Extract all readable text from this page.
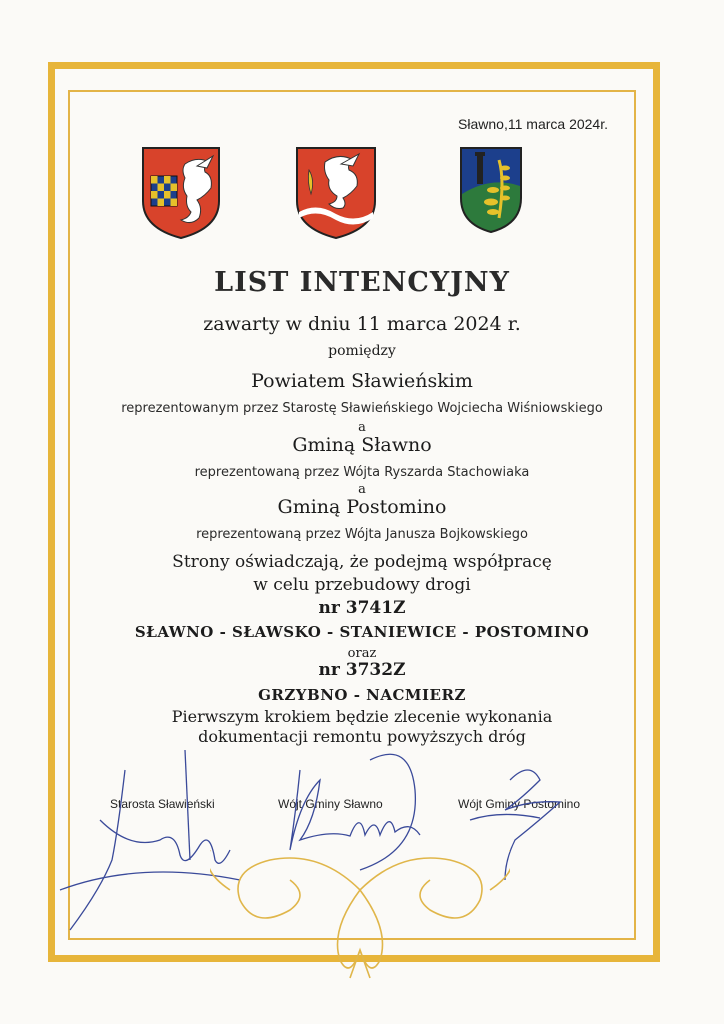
Sławno,11 marca 2024r.
LIST INTENCYJNY
zawarty w dniu 11 marca 2024 r.
pomiędzy
Powiatem Sławieńskim
reprezentowanym przez Starostę Sławieńskiego Wojciecha Wiśniowskiego
a
Gminą Sławno
reprezentowaną przez Wójta Ryszarda Stachowiaka
a
Gminą Postomino
reprezentowaną przez Wójta Janusza Bojkowskiego
Strony oświadczają, że podejmą współpracę
w celu przebudowy drogi
nr 3741Z
SŁAWNO - SŁAWSKO - STANIEWICE - POSTOMINO
oraz
nr 3732Z
GRZYBNO - NACMIERZ
Pierwszym krokiem będzie zlecenie wykonania
dokumentacji remontu powyższych dróg
Starosta Sławieński	Wójt Gminy Sławno	Wójt Gminy Postomino
